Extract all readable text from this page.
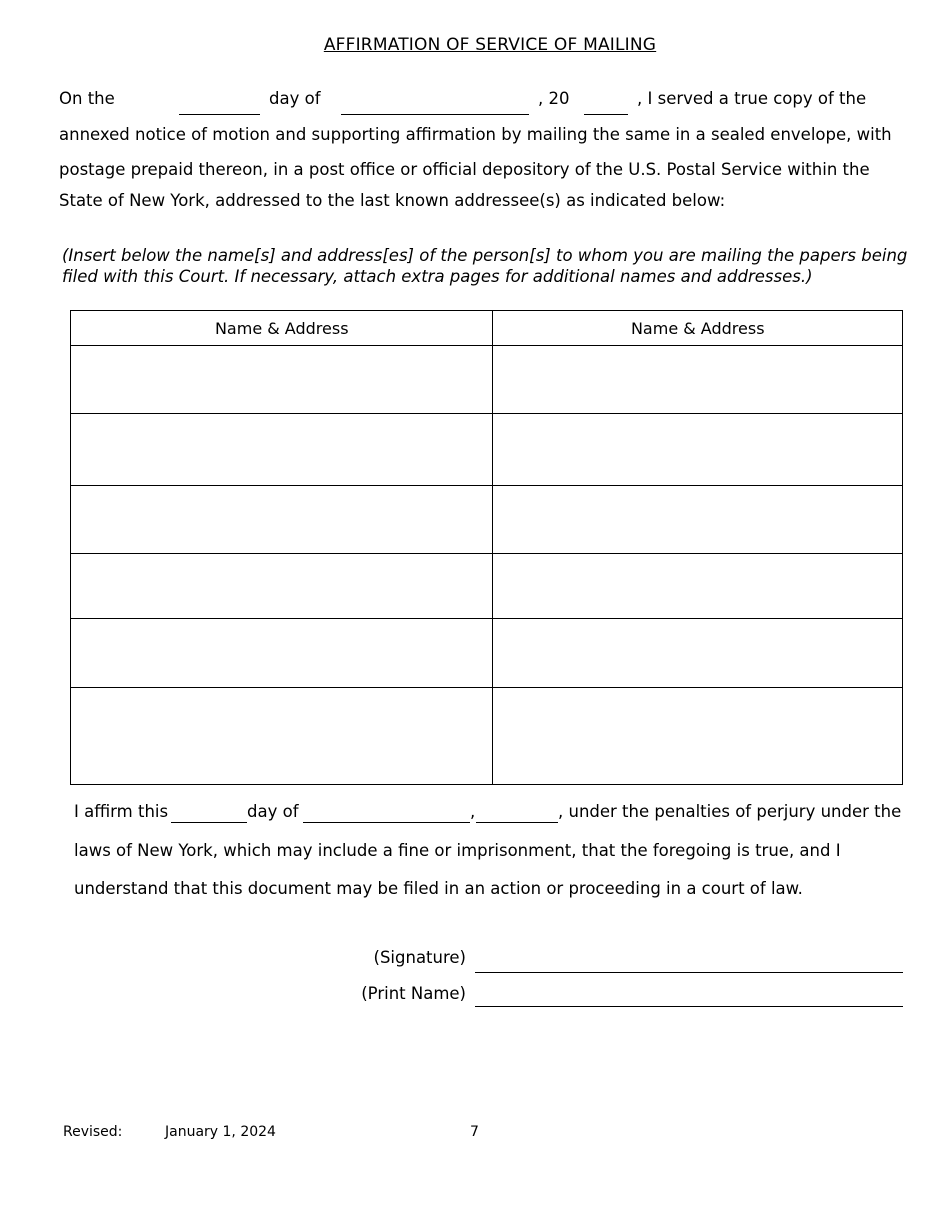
AFFIRMATION OF SERVICE OF MAILING
On the	day of	, 20	, I served a true copy of the
annexed notice of motion and supporting affirmation by mailing the same in a sealed envelope, with
postage prepaid thereon, in a post office or official depository of the U.S. Postal Service within the
State of New York, addressed to the last known addressee(s) as indicated below:
(Insert below the name[s] and address[es] of the person[s] to whom you are mailing the papers being
filed with this Court. If necessary, attach extra pages for additional names and addresses.)
Name & Address	Name & Address

I affirm this	day of	,	, under the penalties of perjury under the
laws of New York, which may include a fine or imprisonment, that the foregoing is true, and I
understand that this document may be filed in an action or proceeding in a court of law.
(Signature)
(Print Name)
Revised:	January 1, 2024	7
